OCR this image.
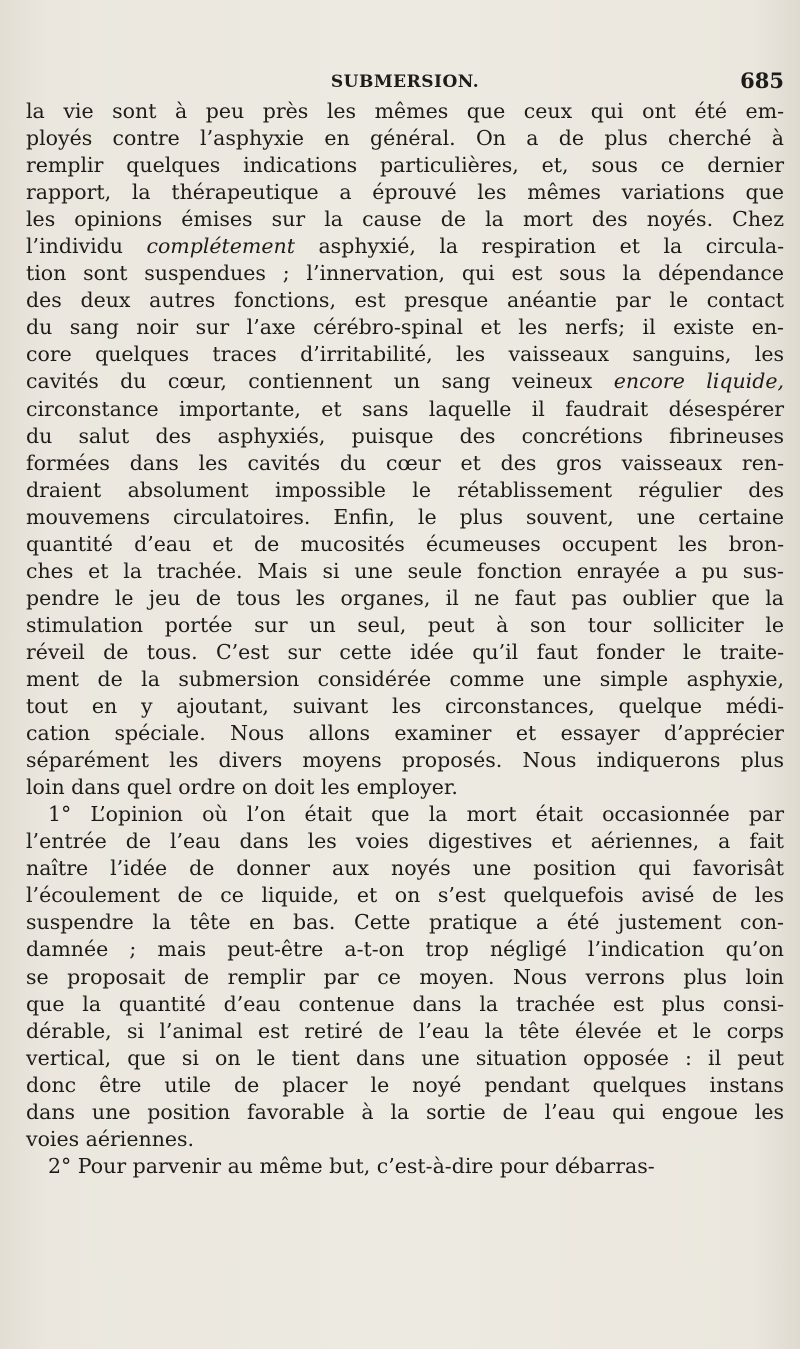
SUBMERSION.	685

la vie sont à peu près les mêmes que ceux qui ont été em-
ployés contre l’asphyxie en général. On a de plus cherché à
remplir quelques indications particulières, et, sous ce dernier
rapport, la thérapeutique a éprouvé les mêmes variations que
les opinions émises sur la cause de la mort des noyés. Chez
l’individu complétement asphyxié, la respiration et la circula-
tion sont suspendues ; l’innervation, qui est sous la dépendance
des deux autres fonctions, est presque anéantie par le contact
du sang noir sur l’axe cérébro-spinal et les nerfs; il existe en-
core quelques traces d’irritabilité, les vaisseaux sanguins, les
cavités du cœur, contiennent un sang veineux encore liquide,
circonstance importante, et sans laquelle il faudrait désespérer
du salut des asphyxiés, puisque des concrétions fibrineuses
formées dans les cavités du cœur et des gros vaisseaux ren-
draient absolument impossible le rétablissement régulier des
mouvemens circulatoires. Enfin, le plus souvent, une certaine
quantité d’eau et de mucosités écumeuses occupent les bron-
ches et la trachée. Mais si une seule fonction enrayée a pu sus-
pendre le jeu de tous les organes, il ne faut pas oublier que la
stimulation portée sur un seul, peut à son tour solliciter le
réveil de tous. C’est sur cette idée qu’il faut fonder le traite-
ment de la submersion considérée comme une simple asphyxie,
tout en y ajoutant, suivant les circonstances, quelque médi-
cation spéciale. Nous allons examiner et essayer d’apprécier
séparément les divers moyens proposés. Nous indiquerons plus
loin dans quel ordre on doit les employer.

1° L’opinion où l’on était que la mort était occasionnée par
l’entrée de l’eau dans les voies digestives et aériennes, a fait
naître l’idée de donner aux noyés une position qui favorisât
l’écoulement de ce liquide, et on s’est quelquefois avisé de les
suspendre la tête en bas. Cette pratique a été justement con-
damnée ; mais peut-être a-t-on trop négligé l’indication qu’on
se proposait de remplir par ce moyen. Nous verrons plus loin
que la quantité d’eau contenue dans la trachée est plus consi-
dérable, si l’animal est retiré de l’eau la tête élevée et le corps
vertical, que si on le tient dans une situation opposée : il peut
donc être utile de placer le noyé pendant quelques instans
dans une position favorable à la sortie de l’eau qui engoue les
voies aériennes.

2° Pour parvenir au même but, c’est-à-dire pour débarras-
